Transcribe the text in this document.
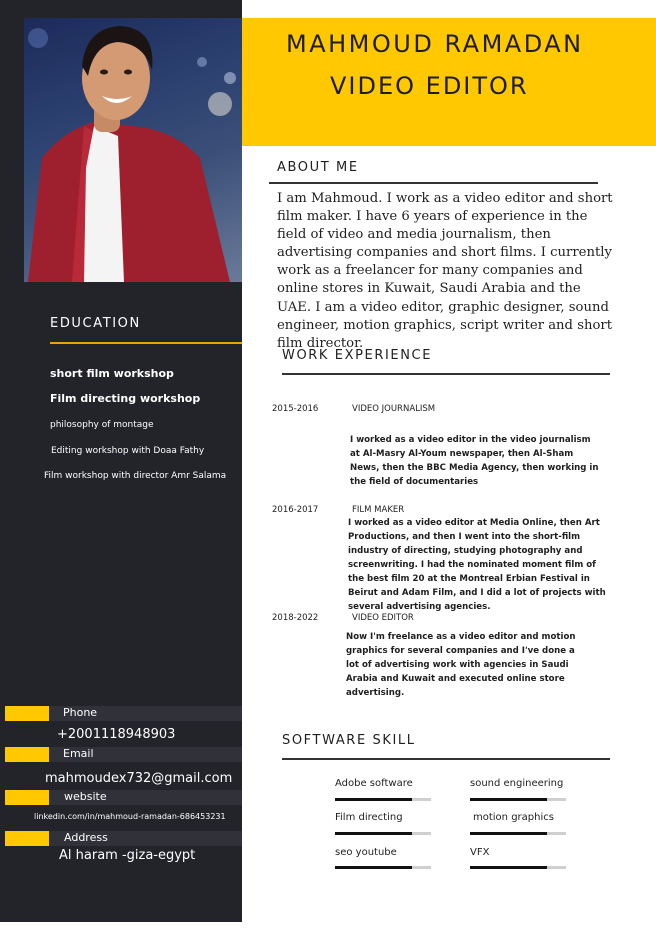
MAHMOUD RAMADAN
VIDEO EDITOR
ABOUT ME
I am Mahmoud. I work as a video editor and short film maker. I have 6 years of experience in the field of video and media journalism, then advertising companies and short films. I currently work as a freelancer for many companies and online stores in Kuwait, Saudi Arabia and the UAE. I am a video editor, graphic designer, sound engineer, motion graphics, script writer and short film director.
WORK EXPERIENCE
2015-2016	VIDEO JOURNALISM
I worked as a video editor in the video journalism at Al-Masry Al-Youm newspaper, then Al-Sham News, then the BBC Media Agency, then working in the field of documentaries
2016-2017	FILM MAKER
I worked as a video editor at Media Online, then Art Productions, and then I went into the short-film industry of directing, studying photography and screenwriting. I had the nominated moment film of the best film 20 at the Montreal Erbian Festival in Beirut and Adam Film, and I did a lot of projects with several advertising agencies.
2018-2022	VIDEO EDITOR
Now I'm freelance as a video editor and motion graphics for several companies and I've done a lot of advertising work with agencies in Saudi Arabia and Kuwait and executed online store advertising.
EDUCATION
short film workshop
Film directing workshop
philosophy of montage
Editing workshop with Doaa Fathy
Film workshop with director Amr Salama
Phone
+2001118948903
Email
mahmoudex732@gmail.com
website
linkedin.com/in/mahmoud-ramadan-686453231
Address
Al haram -giza-egypt
SOFTWARE SKILL
Adobe software	sound engineering
Film directing	motion graphics
seo youtube	VFX
